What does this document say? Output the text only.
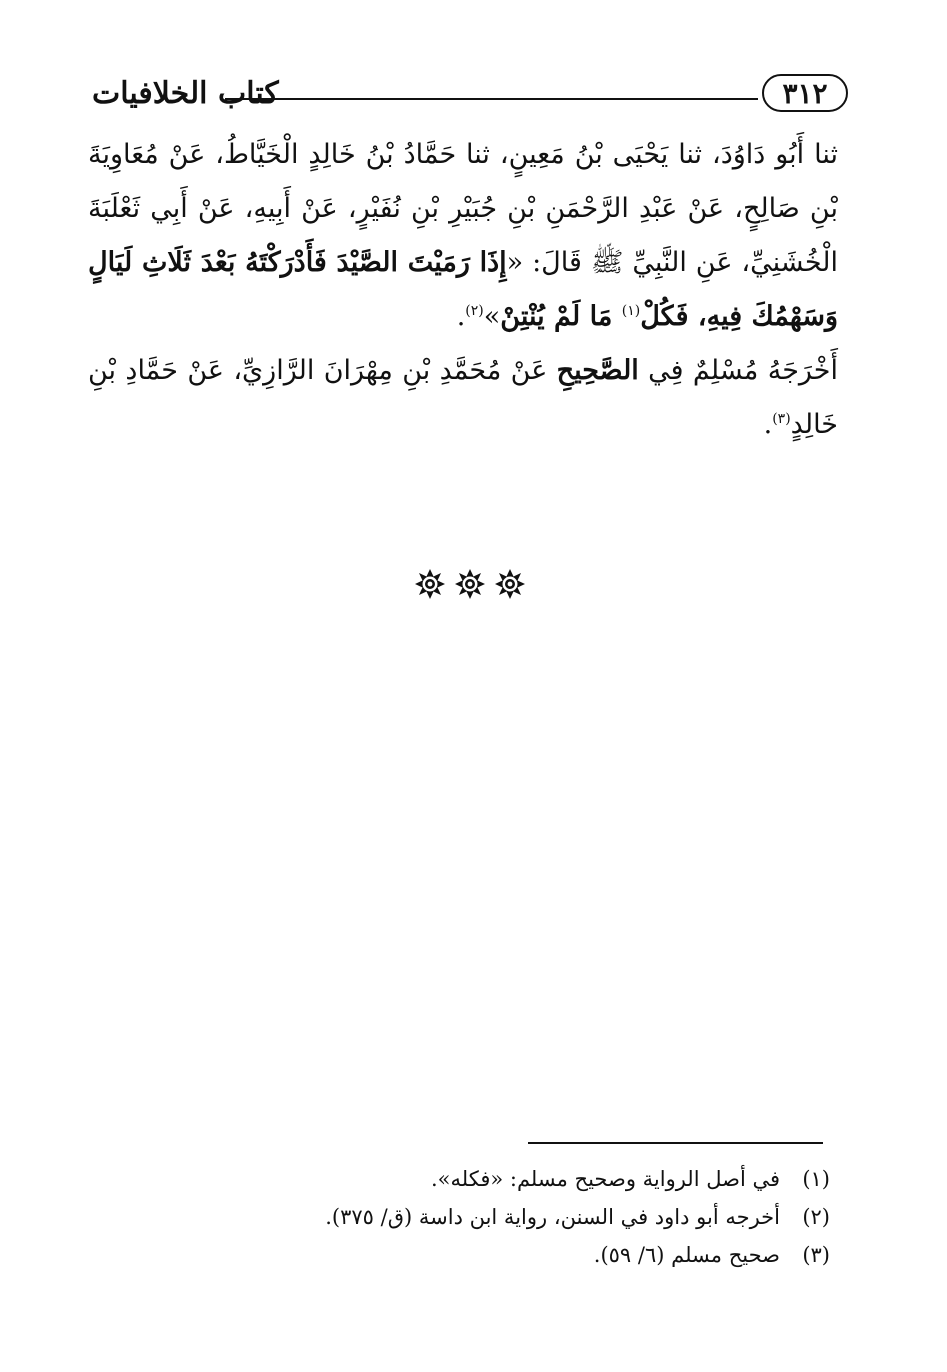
كتاب الخلافيات	٣١٢

ثنا أَبُو دَاوُدَ، ثنا يَحْيَى بْنُ مَعِينٍ، ثنا حَمَّادُ بْنُ خَالِدٍ الْخَيَّاطُ، عَنْ مُعَاوِيَةَ بْنِ صَالِحٍ، عَنْ عَبْدِ الرَّحْمَنِ بْنِ جُبَيْرِ بْنِ نُفَيْرٍ، عَنْ أَبِيهِ، عَنْ أَبِي ثَعْلَبَةَ الْخُشَنِيِّ، عَنِ النَّبِيِّ ﷺ قَالَ: «إِذَا رَمَيْتَ الصَّيْدَ فَأَدْرَكْتَهُ بَعْدَ ثَلَاثِ لَيَالٍ وَسَهْمُكَ فِيهِ، فَكُلْ$^{(١)}$ مَا لَمْ يُنْتِنْ»$^{(٢)}$.

أَخْرَجَهُ مُسْلِمٌ فِي الصَّحِيحِ عَنْ مُحَمَّدِ بْنِ مِهْرَانَ الرَّازِيِّ، عَنْ حَمَّادِ بْنِ خَالِدٍ$^{(٣)}$.

(١)
في أصل الرواية وصحيح مسلم: «فكله».
(٢)
أخرجه أبو داود في السنن، رواية ابن داسة (ق/ ٣٧٥).
(٣)
صحيح مسلم (٦/ ٥٩).
